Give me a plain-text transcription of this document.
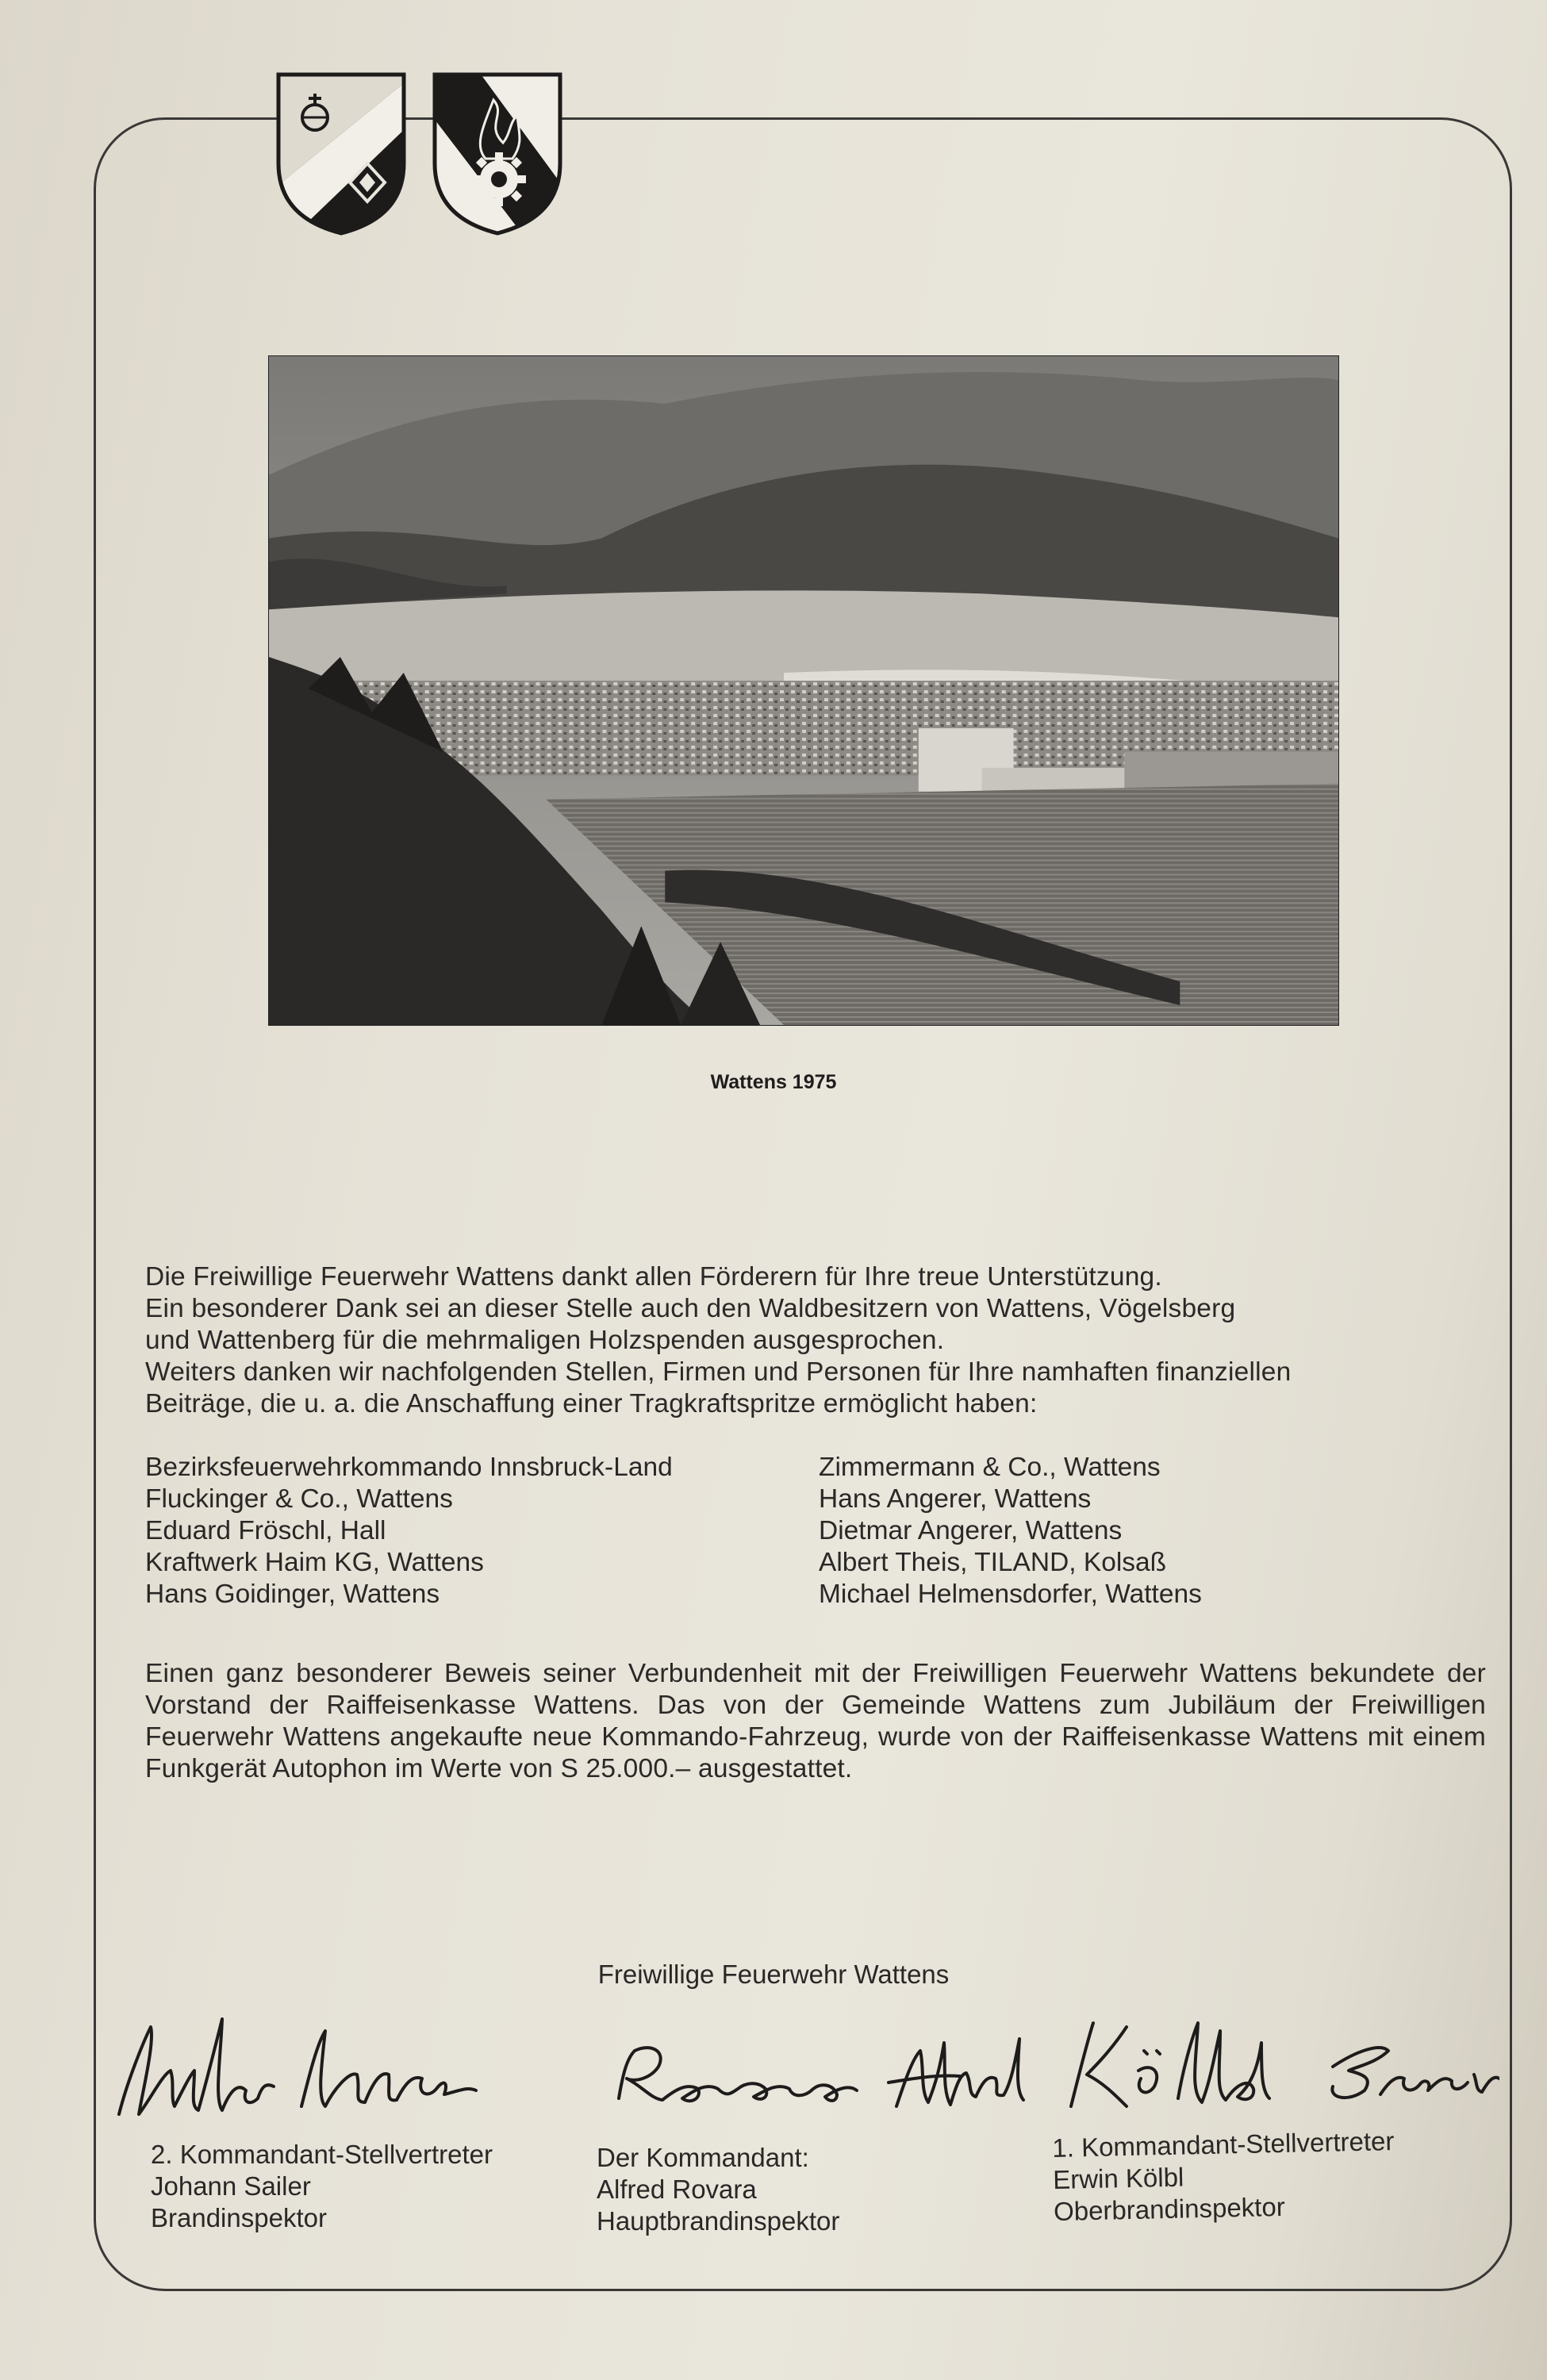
Wattens 1975

Die Freiwillige Feuerwehr Wattens dankt allen Förderern für Ihre treue Unterstützung.

Ein besonderer Dank sei an dieser Stelle auch den Waldbesitzern von Wattens, Vögelsberg

und Wattenberg für die mehrmaligen Holzspenden ausgesprochen.

Weiters danken wir nachfolgenden Stellen, Firmen und Personen für Ihre namhaften finanziellen

Beiträge, die u. a. die Anschaffung einer Tragkraftspritze ermöglicht haben:

Bezirksfeuerwehrkommando Innsbruck-Land
Fluckinger & Co., Wattens
Eduard Fröschl, Hall
Kraftwerk Haim KG, Wattens
Hans Goidinger, Wattens
Zimmermann & Co., Wattens
Hans Angerer, Wattens
Dietmar Angerer, Wattens
Albert Theis, TILAND, Kolsaß
Michael Helmensdorfer, Wattens
Einen ganz besonderer Beweis seiner Verbundenheit mit der Freiwilligen Feuerwehr Wattens bekundete der Vorstand der Raiffeisenkasse Wattens. Das von der Gemeinde Wattens zum Jubiläum der Freiwilligen Feuerwehr Wattens angekaufte neue Kommando-Fahrzeug, wurde von der Raiffeisenkasse Wattens mit einem Funkgerät Autophon im Werte von S 25.000.– ausgestattet.
Freiwillige Feuerwehr Wattens
2. Kommandant-Stellvertreter
Johann Sailer
Brandinspektor
Der Kommandant:
Alfred Rovara
Hauptbrandinspektor
1. Kommandant-Stellvertreter
Erwin Kölbl
Oberbrandinspektor
